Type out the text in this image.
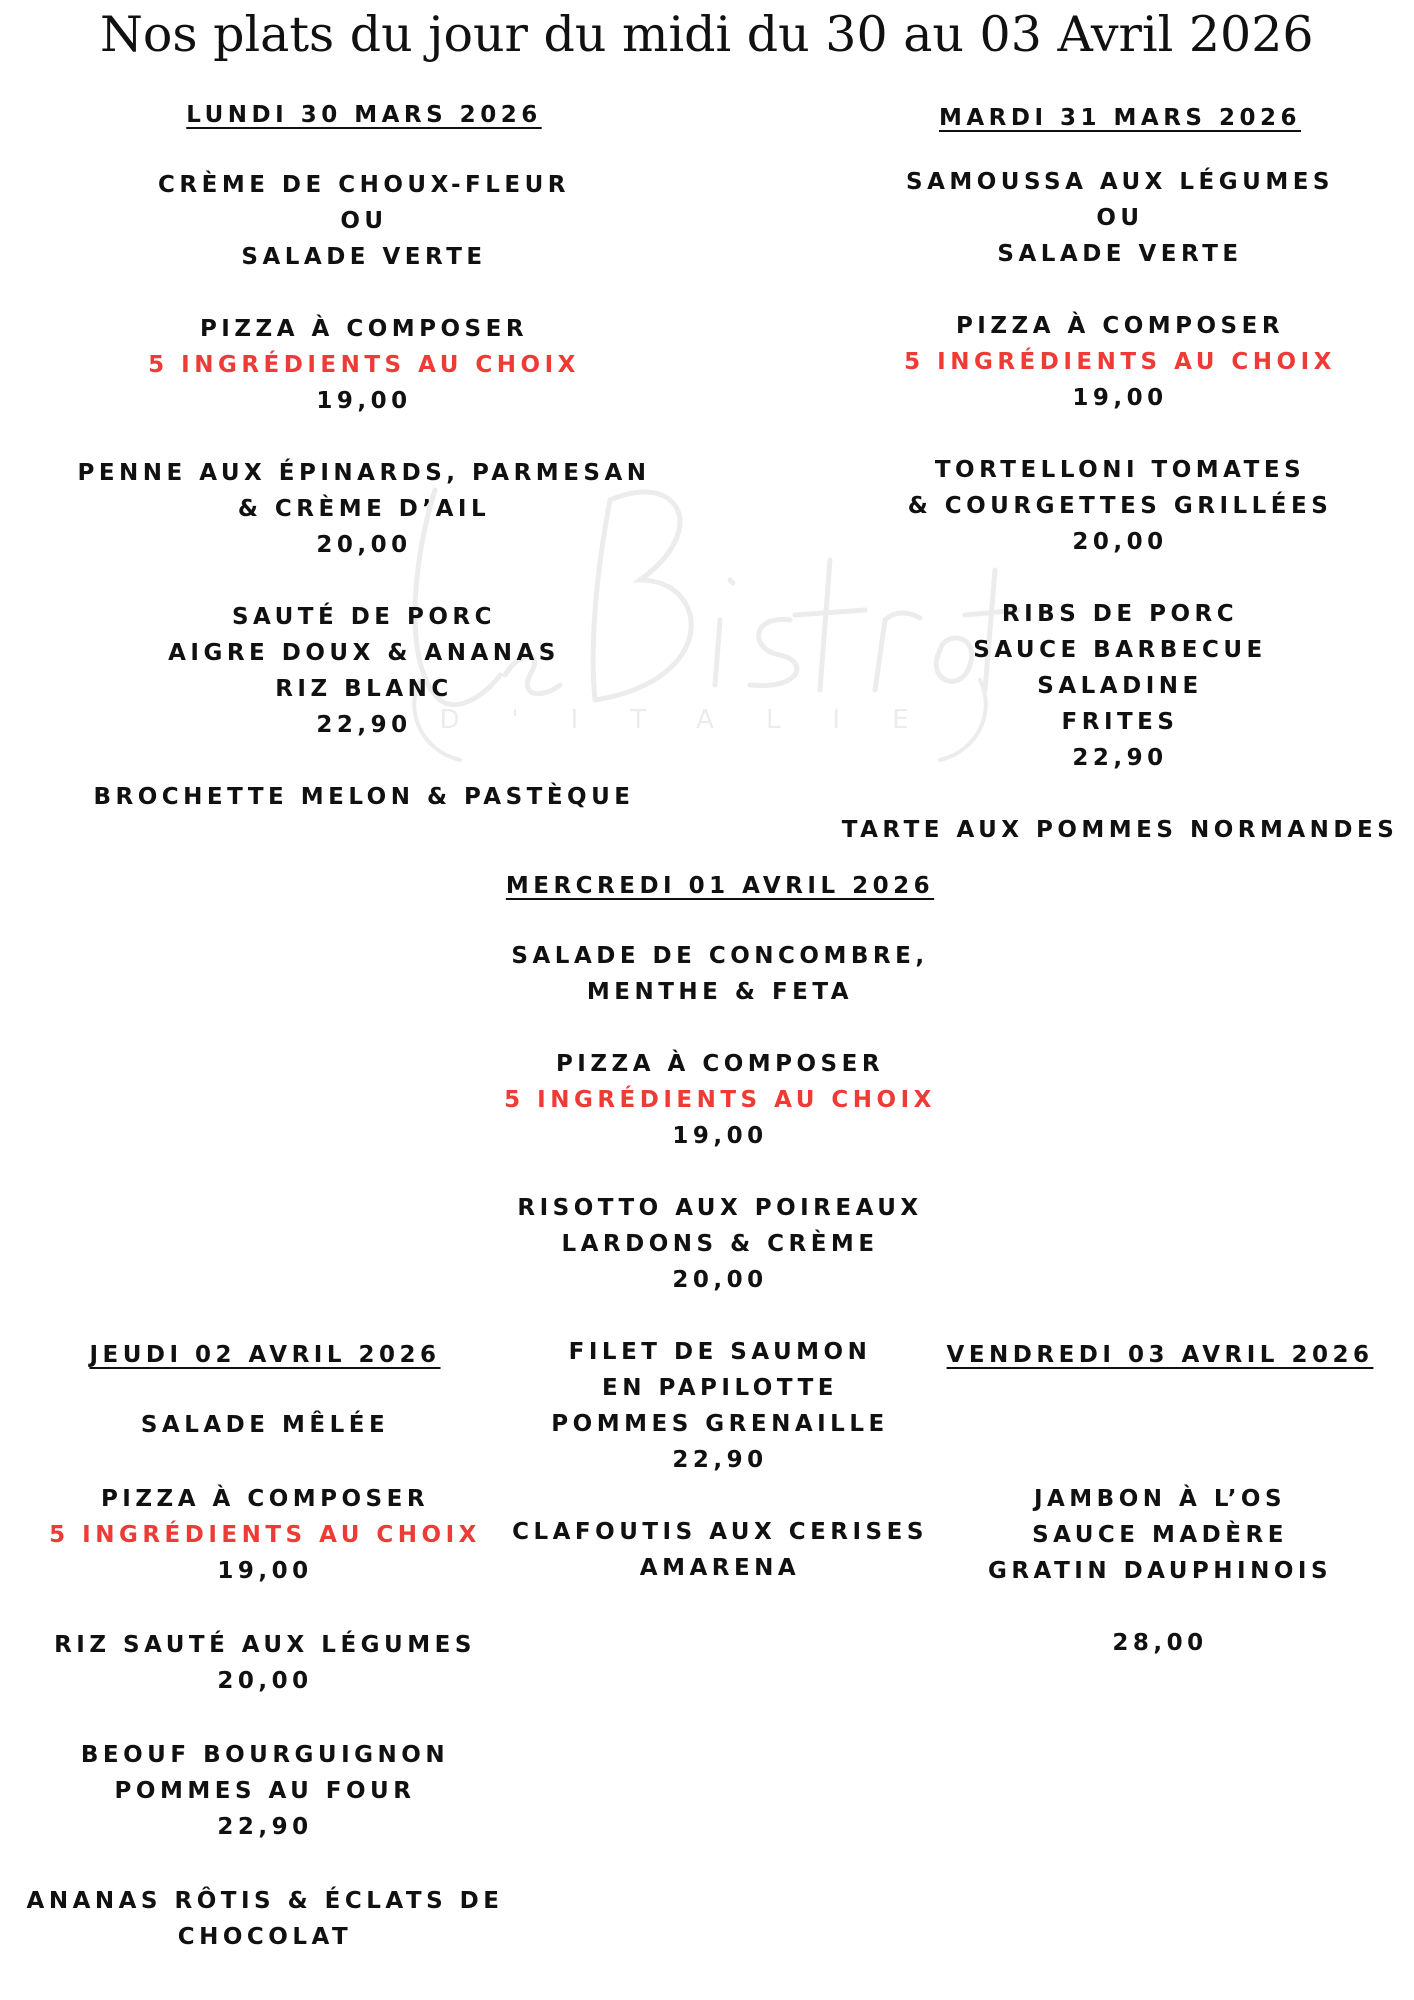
Nos plats du jour du midi du 30 au 03 Avril 2026
D'ITALIE
LUNDI 30 MARS 2026
CRÈME DE CHOUX-FLEUR
OU
SALADE VERTE
PIZZA À COMPOSER
5 INGRÉDIENTS AU CHOIX
19,00
PENNE AUX ÉPINARDS, PARMESAN
& CRÈME D’AIL
20,00
SAUTÉ DE PORC
AIGRE DOUX & ANANAS
RIZ BLANC
22,90
BROCHETTE MELON & PASTÈQUE
MARDI 31 MARS 2026
SAMOUSSA AUX LÉGUMES
OU
SALADE VERTE
PIZZA À COMPOSER
5 INGRÉDIENTS AU CHOIX
19,00
TORTELLONI TOMATES
& COURGETTES GRILLÉES
20,00
RIBS DE PORC
SAUCE BARBECUE
SALADINE
FRITES
22,90
TARTE AUX POMMES NORMANDES
MERCREDI 01 AVRIL 2026
SALADE DE CONCOMBRE,
MENTHE & FETA
PIZZA À COMPOSER
5 INGRÉDIENTS AU CHOIX
19,00
RISOTTO AUX POIREAUX
LARDONS & CRÈME
20,00
FILET DE SAUMON
EN PAPILOTTE
POMMES GRENAILLE
22,90
CLAFOUTIS AUX CERISES
AMARENA
JEUDI 02 AVRIL 2026
SALADE MÊLÉE
PIZZA À COMPOSER
5 INGRÉDIENTS AU CHOIX
19,00
RIZ SAUTÉ AUX LÉGUMES
20,00
BEOUF BOURGUIGNON
POMMES AU FOUR
22,90
ANANAS RÔTIS & ÉCLATS DE
CHOCOLAT
VENDREDI 03 AVRIL 2026
JAMBON À L’OS
SAUCE MADÈRE
GRATIN DAUPHINOIS
28,00
